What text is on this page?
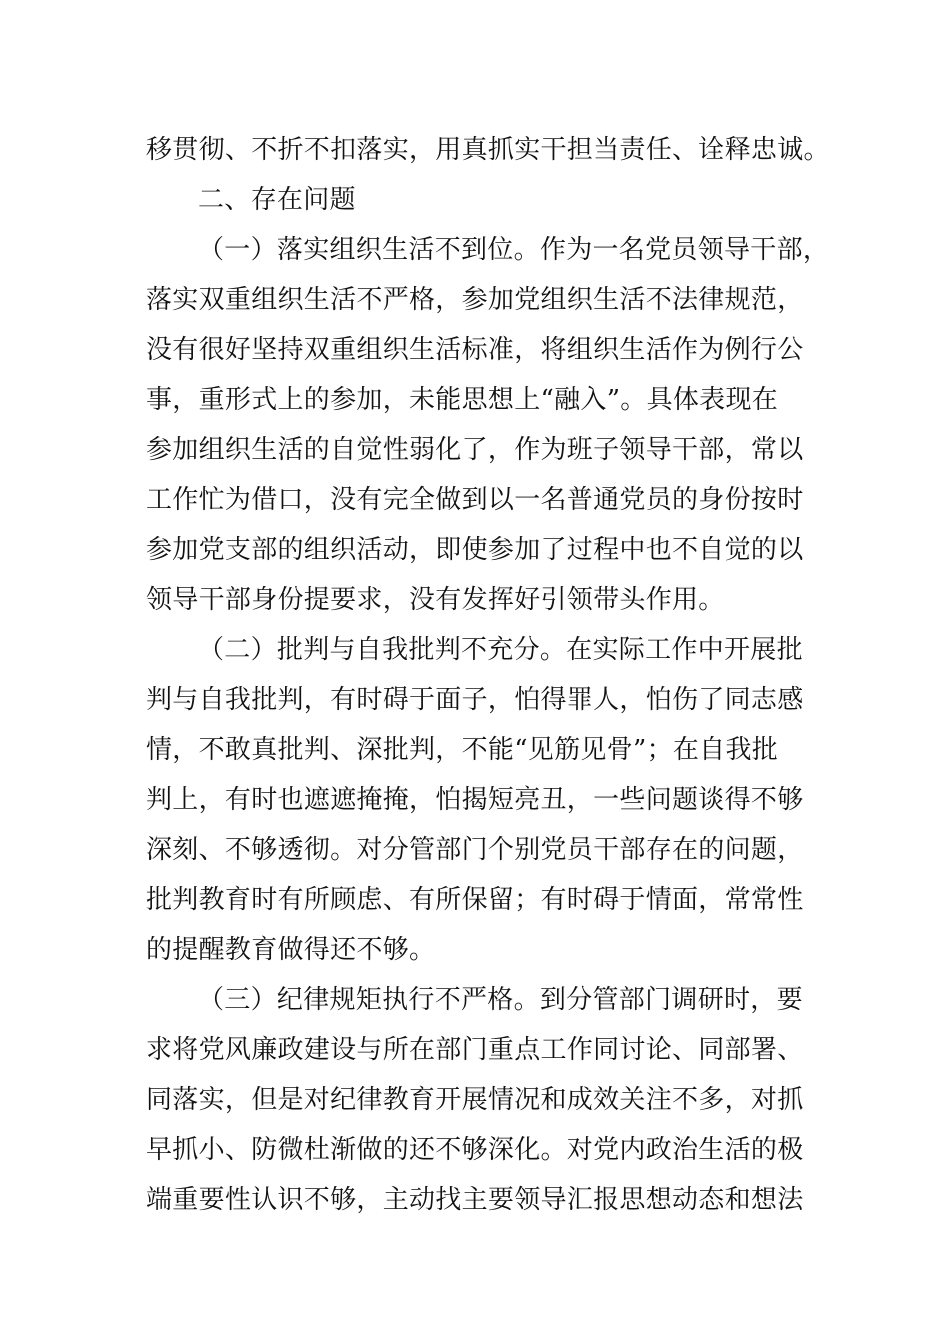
移贯彻、不折不扣落实，用真抓实干担当责任、诠释忠诚。
二、存在问题
（一）落实组织生活不到位。作为一名党员领导干部，
落实双重组织生活不严格，参加党组织生活不法律规范，
没有很好坚持双重组织生活标准，将组织生活作为例行公
事，重形式上的参加，未能思想上“融入”。具体表现在
参加组织生活的自觉性弱化了，作为班子领导干部，常以
工作忙为借口，没有完全做到以一名普通党员的身份按时
参加党支部的组织活动，即使参加了过程中也不自觉的以
领导干部身份提要求，没有发挥好引领带头作用。
（二）批判与自我批判不充分。在实际工作中开展批
判与自我批判，有时碍于面子，怕得罪人，怕伤了同志感
情，不敢真批判、深批判，不能“见筋见骨”；在自我批
判上，有时也遮遮掩掩，怕揭短亮丑，一些问题谈得不够
深刻、不够透彻。对分管部门个别党员干部存在的问题，
批判教育时有所顾虑、有所保留；有时碍于情面，常常性
的提醒教育做得还不够。
（三）纪律规矩执行不严格。到分管部门调研时，要
求将党风廉政建设与所在部门重点工作同讨论、同部署、
同落实，但是对纪律教育开展情况和成效关注不多，对抓
早抓小、防微杜渐做的还不够深化。对党内政治生活的极
端重要性认识不够，主动找主要领导汇报思想动态和想法
